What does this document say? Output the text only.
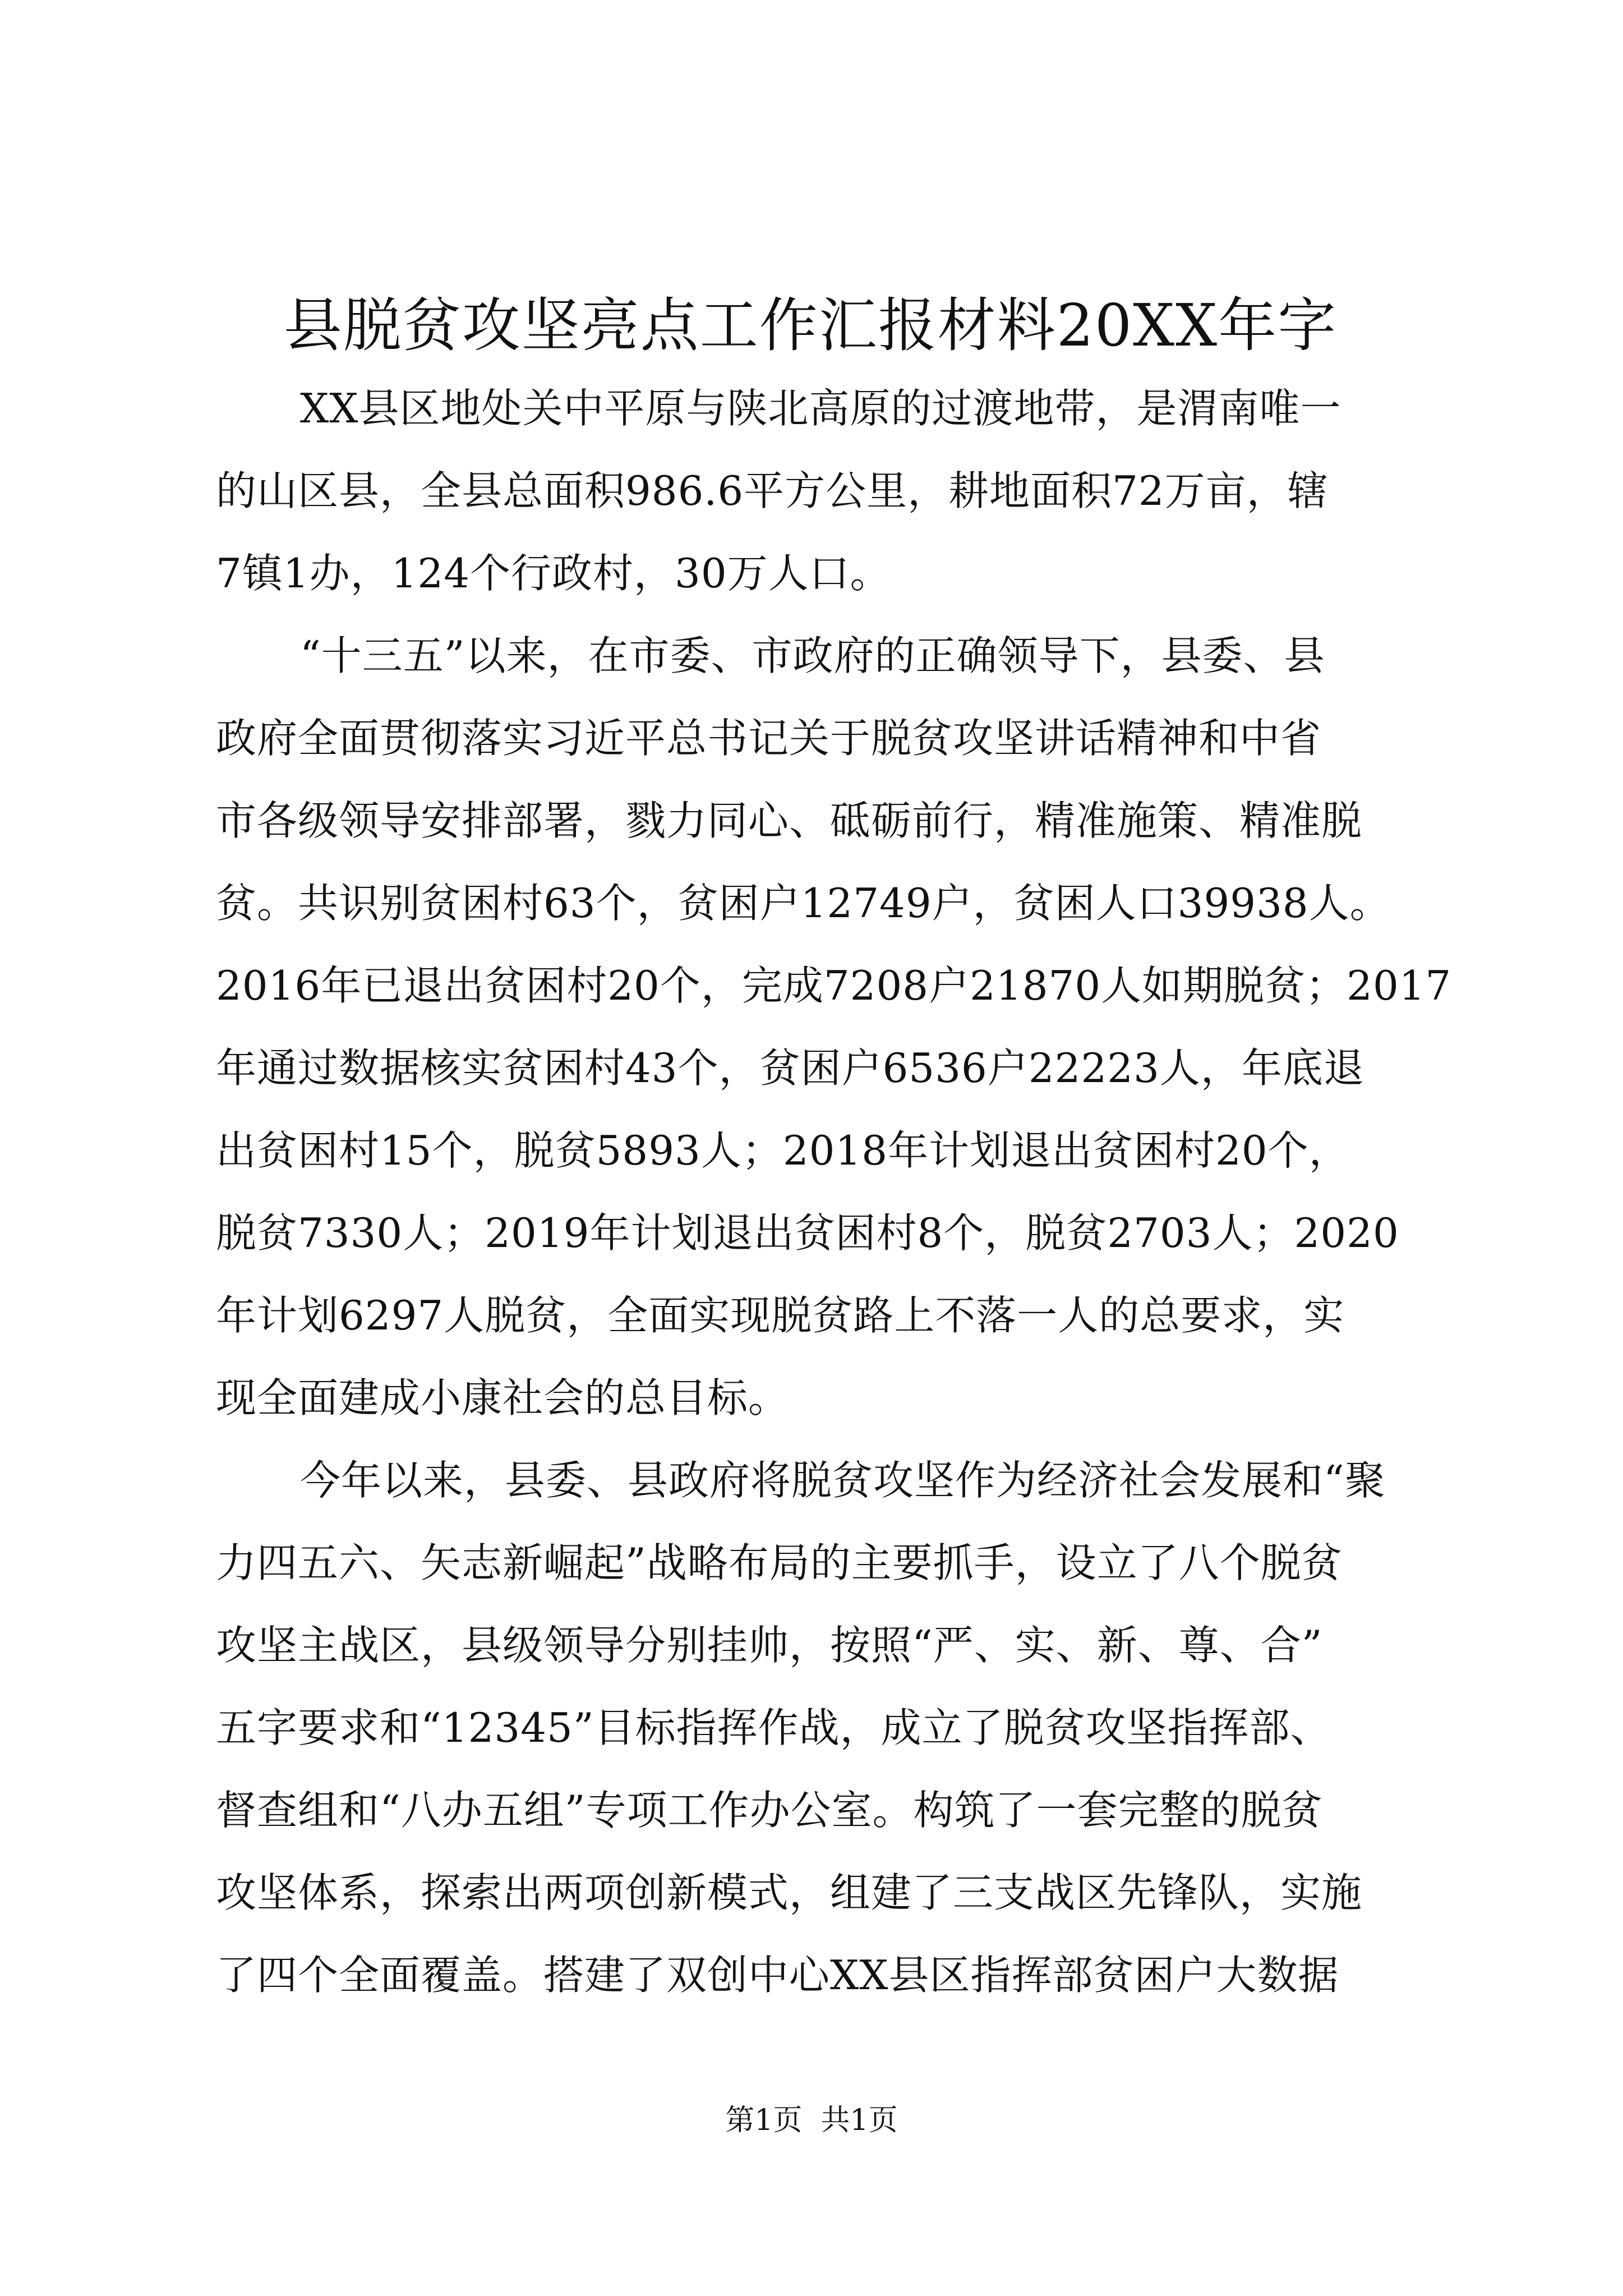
县脱贫攻坚亮点工作汇报材料20XX年字
XX县区地处关中平原与陕北高原的过渡地带，是渭南唯一
的山区县，全县总面积986.6平方公里，耕地面积72万亩，辖
7镇1办，124个行政村，30万人口。
“十三五”以来，在市委、市政府的正确领导下，县委、县
政府全面贯彻落实习近平总书记关于脱贫攻坚讲话精神和中省
市各级领导安排部署，戮力同心、砥砺前行，精准施策、精准脱
贫。共识别贫困村63个，贫困户12749户，贫困人口39938人。
2016年已退出贫困村20个，完成7208户21870人如期脱贫；2017
年通过数据核实贫困村43个，贫困户6536户22223人，年底退
出贫困村15个，脱贫5893人；2018年计划退出贫困村20个，
脱贫7330人；2019年计划退出贫困村8个，脱贫2703人；2020
年计划6297人脱贫，全面实现脱贫路上不落一人的总要求，实
现全面建成小康社会的总目标。
今年以来，县委、县政府将脱贫攻坚作为经济社会发展和“聚
力四五六、矢志新崛起”战略布局的主要抓手，设立了八个脱贫
攻坚主战区，县级领导分别挂帅，按照“严、实、新、尊、合”
五字要求和“12345”目标指挥作战，成立了脱贫攻坚指挥部、
督查组和“八办五组”专项工作办公室。构筑了一套完整的脱贫
攻坚体系，探索出两项创新模式，组建了三支战区先锋队，实施
了四个全面覆盖。搭建了双创中心XX县区指挥部贫困户大数据
第1页  共1页
